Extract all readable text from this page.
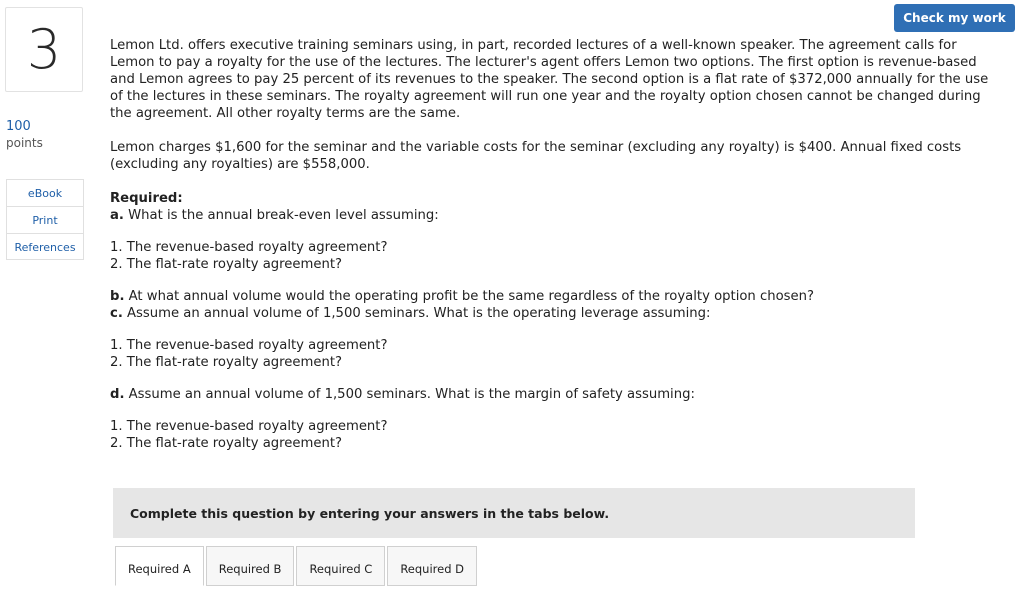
3
100
points
eBook
Print
References
Check my work

Lemon Ltd. offers executive training seminars using, in part, recorded lectures of a well-known speaker. The agreement calls for Lemon to pay a royalty for the use of the lectures. The lecturer's agent offers Lemon two options. The first option is revenue-based and Lemon agrees to pay 25 percent of its revenues to the speaker. The second option is a flat rate of $372,000 annually for the use of the lectures in these seminars. The royalty agreement will run one year and the royalty option chosen cannot be changed during the agreement. All other royalty terms are the same.

Lemon charges $1,600 for the seminar and the variable costs for the seminar (excluding any royalty) is $400. Annual fixed costs (excluding any royalties) are $558,000.

Required:

a. What is the annual break-even level assuming:

1. The revenue-based royalty agreement?

2. The flat-rate royalty agreement?

b. At what annual volume would the operating profit be the same regardless of the royalty option chosen?

c. Assume an annual volume of 1,500 seminars. What is the operating leverage assuming:

1. The revenue-based royalty agreement?

2. The flat-rate royalty agreement?

d. Assume an annual volume of 1,500 seminars. What is the margin of safety assuming:

1. The revenue-based royalty agreement?

2. The flat-rate royalty agreement?

Complete this question by entering your answers in the tabs below.
Required A	Required B	Required C	Required D
